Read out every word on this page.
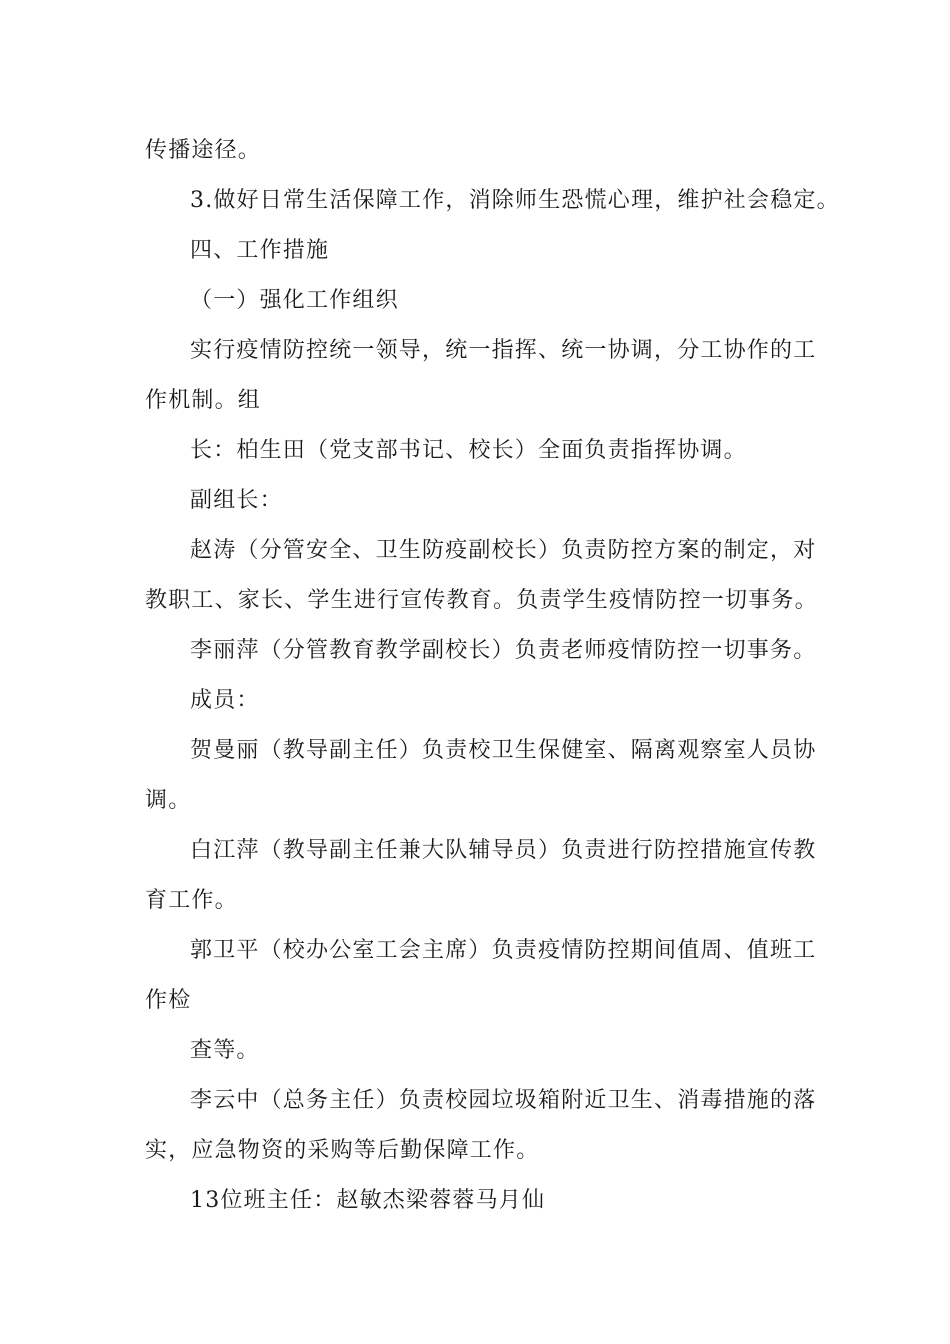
传播途径。
3.做好日常生活保障工作，消除师生恐慌心理，维护社会稳定。
四、工作措施
（一）强化工作组织
实行疫情防控统一领导，统一指挥、统一协调，分工协作的工
作机制。组
长：柏生田（党支部书记、校长）全面负责指挥协调。
副组长：
赵涛（分管安全、卫生防疫副校长）负责防控方案的制定，对
教职工、家长、学生进行宣传教育。负责学生疫情防控一切事务。
李丽萍（分管教育教学副校长）负责老师疫情防控一切事务。
成员：
贺曼丽（教导副主任）负责校卫生保健室、隔离观察室人员协
调。
白江萍（教导副主任兼大队辅导员）负责进行防控措施宣传教
育工作。
郭卫平（校办公室工会主席）负责疫情防控期间值周、值班工
作检
查等。
李云中（总务主任）负责校园垃圾箱附近卫生、消毒措施的落
实，应急物资的采购等后勤保障工作。
13位班主任：赵敏杰梁蓉蓉马月仙
